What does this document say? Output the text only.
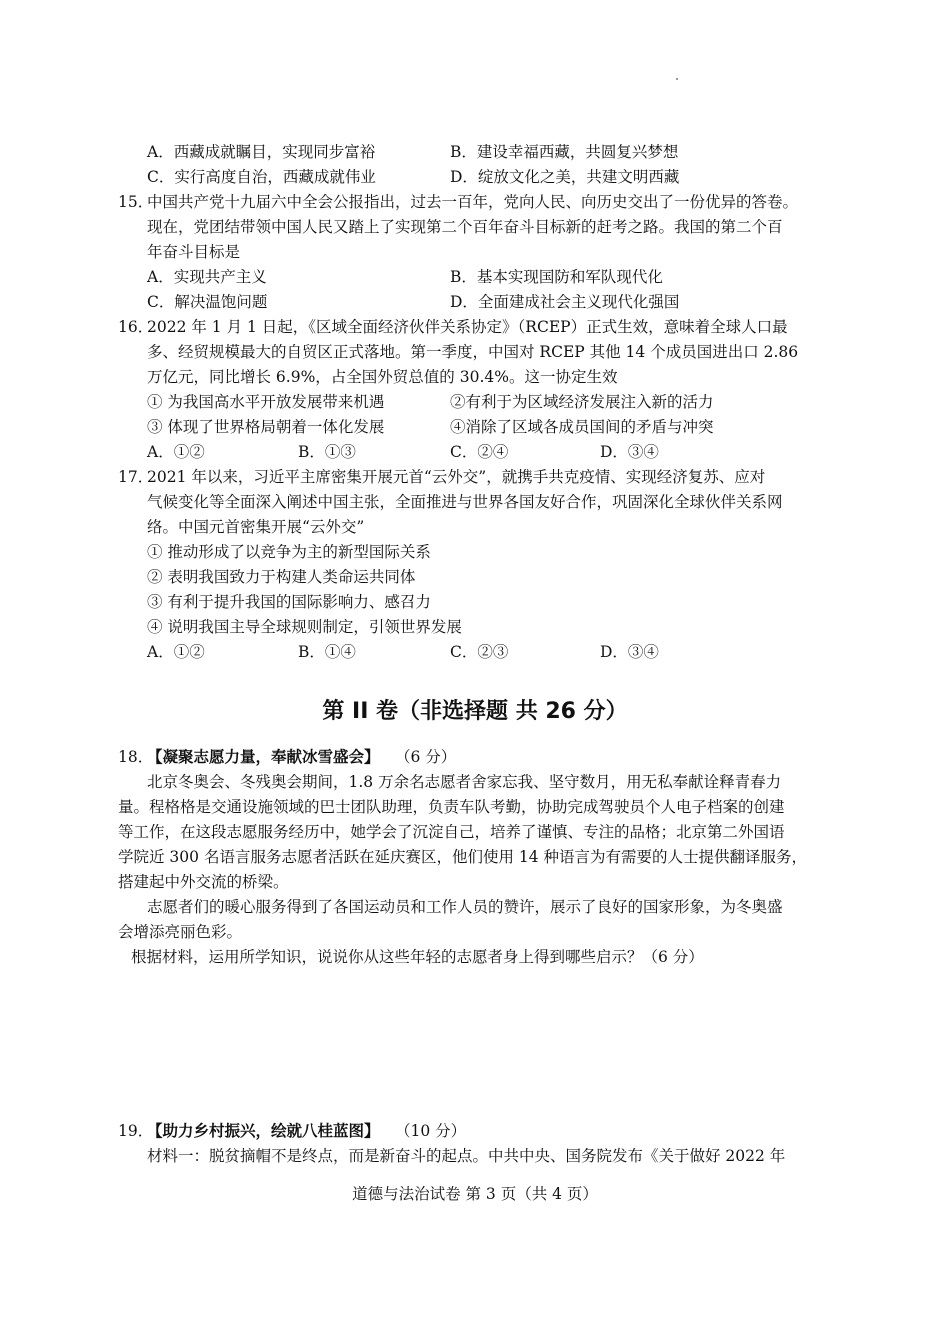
A．西藏成就瞩目，实现同步富裕	B．建设幸福西藏，共圆复兴梦想
C．实行高度自治，西藏成就伟业	D．绽放文化之美，共建文明西藏
15．
中国共产党十九届六中全会公报指出，过去一百年，党向人民、向历史交出了一份优异的答卷。
现在，党团结带领中国人民又踏上了实现第二个百年奋斗目标新的赶考之路。我国的第二个百
年奋斗目标是
A．实现共产主义	B．基本实现国防和军队现代化
C．解决温饱问题	D．全面建成社会主义现代化强国
16．
2022 年 1 月 1 日起，《区域全面经济伙伴关系协定》（RCEP）正式生效，意味着全球人口最
多、经贸规模最大的自贸区正式落地。第一季度，中国对 RCEP 其他 14 个成员国进出口 2.86
万亿元，同比增长 6.9%，占全国外贸总值的 30.4%。这一协定生效
① 为我国高水平开放发展带来机遇	②有利于为区域经济发展注入新的活力
③ 体现了世界格局朝着一体化发展	④消除了区域各成员国间的矛盾与冲突
A．①②	B．①③	C．②④	D．③④
17．
2021 年以来，习近平主席密集开展元首“云外交”，就携手共克疫情、实现经济复苏、应对
气候变化等全面深入阐述中国主张，全面推进与世界各国友好合作，巩固深化全球伙伴关系网
络。中国元首密集开展“云外交”
① 推动形成了以竞争为主的新型国际关系
② 表明我国致力于构建人类命运共同体
③ 有利于提升我国的国际影响力、感召力
④ 说明我国主导全球规则制定，引领世界发展
A．①②	B．①④	C．②③	D．③④
第 II 卷（非选择题 共 26 分）
18．
【凝聚志愿力量，奉献冰雪盛会】 （6 分）
北京冬奥会、冬残奥会期间，1.8 万余名志愿者舍家忘我、坚守数月，用无私奉献诠释青春力
量。程格格是交通设施领域的巴士团队助理，负责车队考勤，协助完成驾驶员个人电子档案的创建
等工作，在这段志愿服务经历中，她学会了沉淀自己，培养了谨慎、专注的品格；北京第二外国语
学院近 300 名语言服务志愿者活跃在延庆赛区，他们使用 14 种语言为有需要的人士提供翻译服务，
搭建起中外交流的桥梁。
志愿者们的暖心服务得到了各国运动员和工作人员的赞许，展示了良好的国家形象，为冬奥盛
会增添亮丽色彩。
根据材料，运用所学知识，说说你从这些年轻的志愿者身上得到哪些启示？（6 分）
19．
【助力乡村振兴，绘就八桂蓝图】 （10 分）
材料一：脱贫摘帽不是终点，而是新奋斗的起点。中共中央、国务院发布《关于做好 2022 年
道德与法治试卷 第 3 页（共 4 页）
